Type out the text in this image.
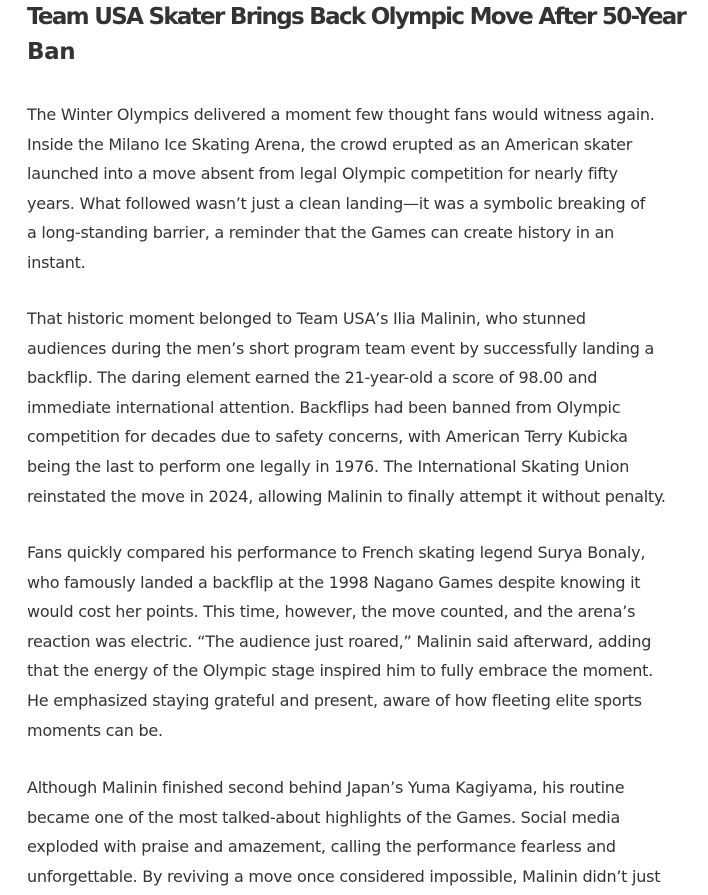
Team USA Skater Brings Back Olympic Move After 50-Year
Ban

The Winter Olympics delivered a moment few thought fans would witness again.
Inside the Milano Ice Skating Arena, the crowd erupted as an American skater
launched into a move absent from legal Olympic competition for nearly fifty
years. What followed wasn’t just a clean landing—it was a symbolic breaking of
a long-standing barrier, a reminder that the Games can create history in an
instant.

That historic moment belonged to Team USA’s Ilia Malinin, who stunned
audiences during the men’s short program team event by successfully landing a
backflip. The daring element earned the 21-year-old a score of 98.00 and
immediate international attention. Backflips had been banned from Olympic
competition for decades due to safety concerns, with American Terry Kubicka
being the last to perform one legally in 1976. The International Skating Union
reinstated the move in 2024, allowing Malinin to finally attempt it without penalty.

Fans quickly compared his performance to French skating legend Surya Bonaly,
who famously landed a backflip at the 1998 Nagano Games despite knowing it
would cost her points. This time, however, the move counted, and the arena’s
reaction was electric. “The audience just roared,” Malinin said afterward, adding
that the energy of the Olympic stage inspired him to fully embrace the moment.
He emphasized staying grateful and present, aware of how fleeting elite sports
moments can be.

Although Malinin finished second behind Japan’s Yuma Kagiyama, his routine
became one of the most talked-about highlights of the Games. Social media
exploded with praise and amazement, calling the performance fearless and
unforgettable. By reviving a move once considered impossible, Malinin didn’t just
